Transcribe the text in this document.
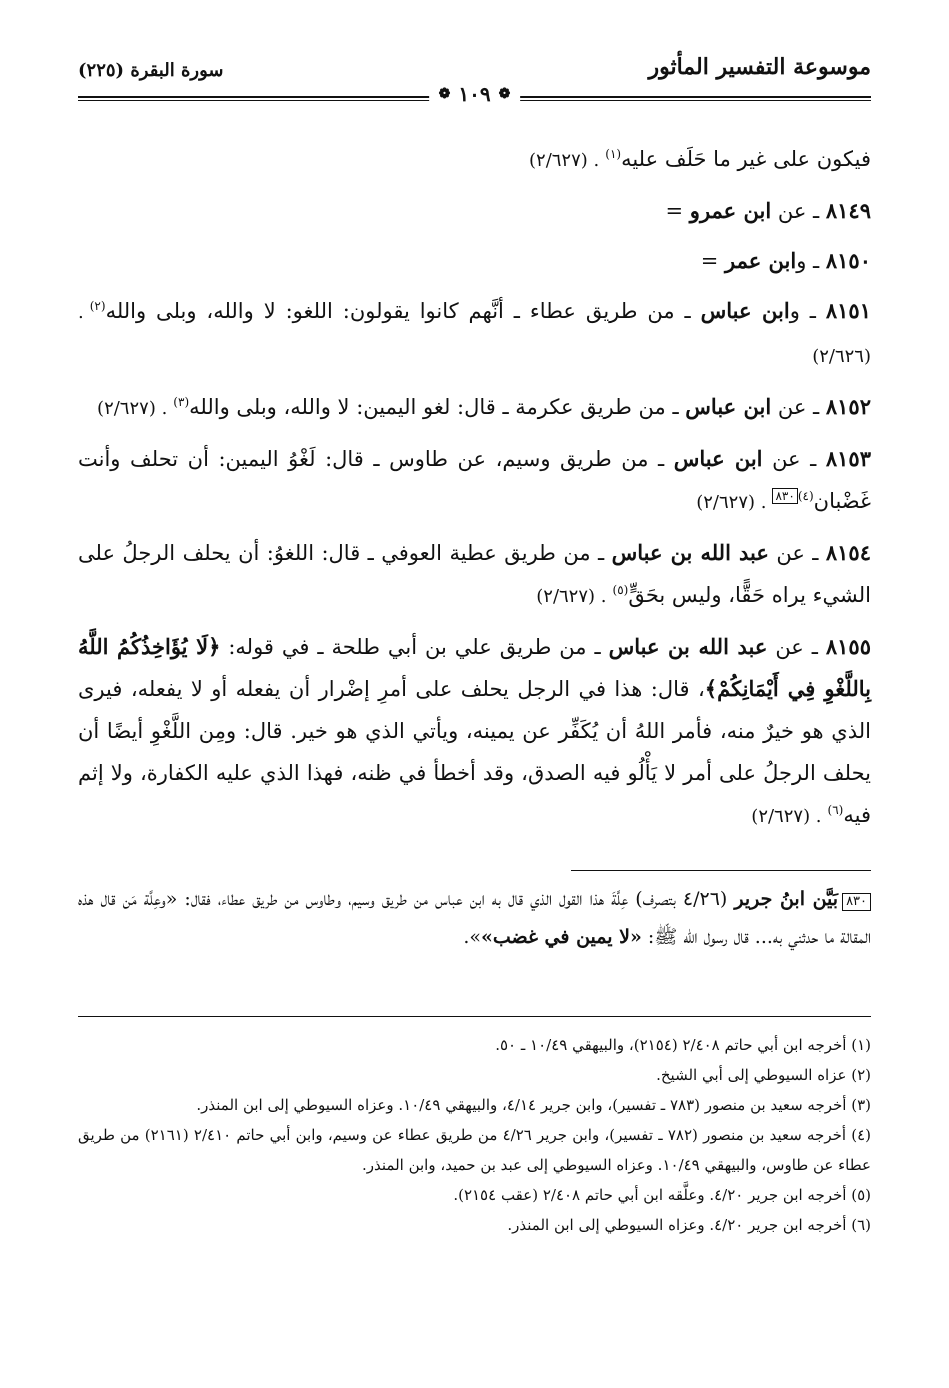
موسوعة التفسير المأثور
سورة البقرة (٢٢٥)
❁
١٠٩
❁

فيكون على غير ما حَلَف عليه$^{(١)}$. (٢/٦٢٧)

٨١٤٩ ـ عن ابن عمرو =

٨١٥٠ ـ وابن عمر =

٨١٥١ ـ وابن عباس ـ من طريق عطاء ـ أنَّهم كانوا يقولون: اللغو: لا والله، وبلى والله$^{(٢)}$. (٢/٦٢٦)

٨١٥٢ ـ عن ابن عباس ـ من طريق عكرمة ـ قال: لغو اليمين: لا والله، وبلى والله$^{(٣)}$. (٢/٦٢٧)

٨١٥٣ ـ عن ابن عباس ـ من طريق وسيم، عن طاوس ـ قال: لَغْوُ اليمين: أن تحلف وأنت غَضْبان$^{(٤)}$٨٣٠. (٢/٦٢٧)

٨١٥٤ ـ عن عبد الله بن عباس ـ من طريق عطية العوفي ـ قال: اللغوُ: أن يحلف الرجلُ على الشيء يراه حَقًّا، وليس بحَقٍّ$^{(٥)}$. (٢/٦٢٧)

٨١٥٥ ـ عن عبد الله بن عباس ـ من طريق علي بن أبي طلحة ـ في قوله: ﴿لَا يُؤَاخِذُكُمُ اللَّهُ بِاللَّغْوِ فِي أَيْمَانِكُمْ﴾، قال: هذا في الرجل يحلف على أمرِ إضْرار أن يفعله أو لا يفعله، فيرى الذي هو خيرٌ منه، فأمر اللهُ أن يُكَفِّر عن يمينه، ويأتي الذي هو خير. قال: ومِن اللَّغْوِ أيضًا أن يحلف الرجلُ على أمر لا يَأْلُو فيه الصدق، وقد أخطأ في ظنه، فهذا الذي عليه الكفارة، ولا إثم فيه$^{(٦)}$. (٢/٦٢٧)

٨٣٠بَيَّن ابنُ جرير (٤/٢٦ بتصرف) عِلَّةَ هذا القول الذي قال به ابن عباس من طريق وسيم، وطاوس من طريق عطاء، فقال: «وعِلَّة مَن قال هذه المقالة ما حدثني به... قال رسول الله ﷺ: «لا يمين في غضب»».

(١) أخرجه ابن أبي حاتم ٢/٤٠٨ (٢١٥٤)، والبيهقي ١٠/٤٩ ـ ٥٠.

(٢) عزاه السيوطي إلى أبي الشيخ.

(٣) أخرجه سعيد بن منصور (٧٨٣ ـ تفسير)، وابن جرير ٤/١٤، والبيهقي ١٠/٤٩. وعزاه السيوطي إلى ابن المنذر.

(٤) أخرجه سعيد بن منصور (٧٨٢ ـ تفسير)، وابن جرير ٤/٢٦ من طريق عطاء عن وسيم، وابن أبي حاتم ٢/٤١٠ (٢١٦١) من طريق عطاء عن طاوس، والبيهقي ١٠/٤٩. وعزاه السيوطي إلى عبد بن حميد، وابن المنذر.

(٥) أخرجه ابن جرير ٤/٢٠. وعلَّقه ابن أبي حاتم ٢/٤٠٨ (عقب ٢١٥٤).

(٦) أخرجه ابن جرير ٤/٢٠. وعزاه السيوطي إلى ابن المنذر.
